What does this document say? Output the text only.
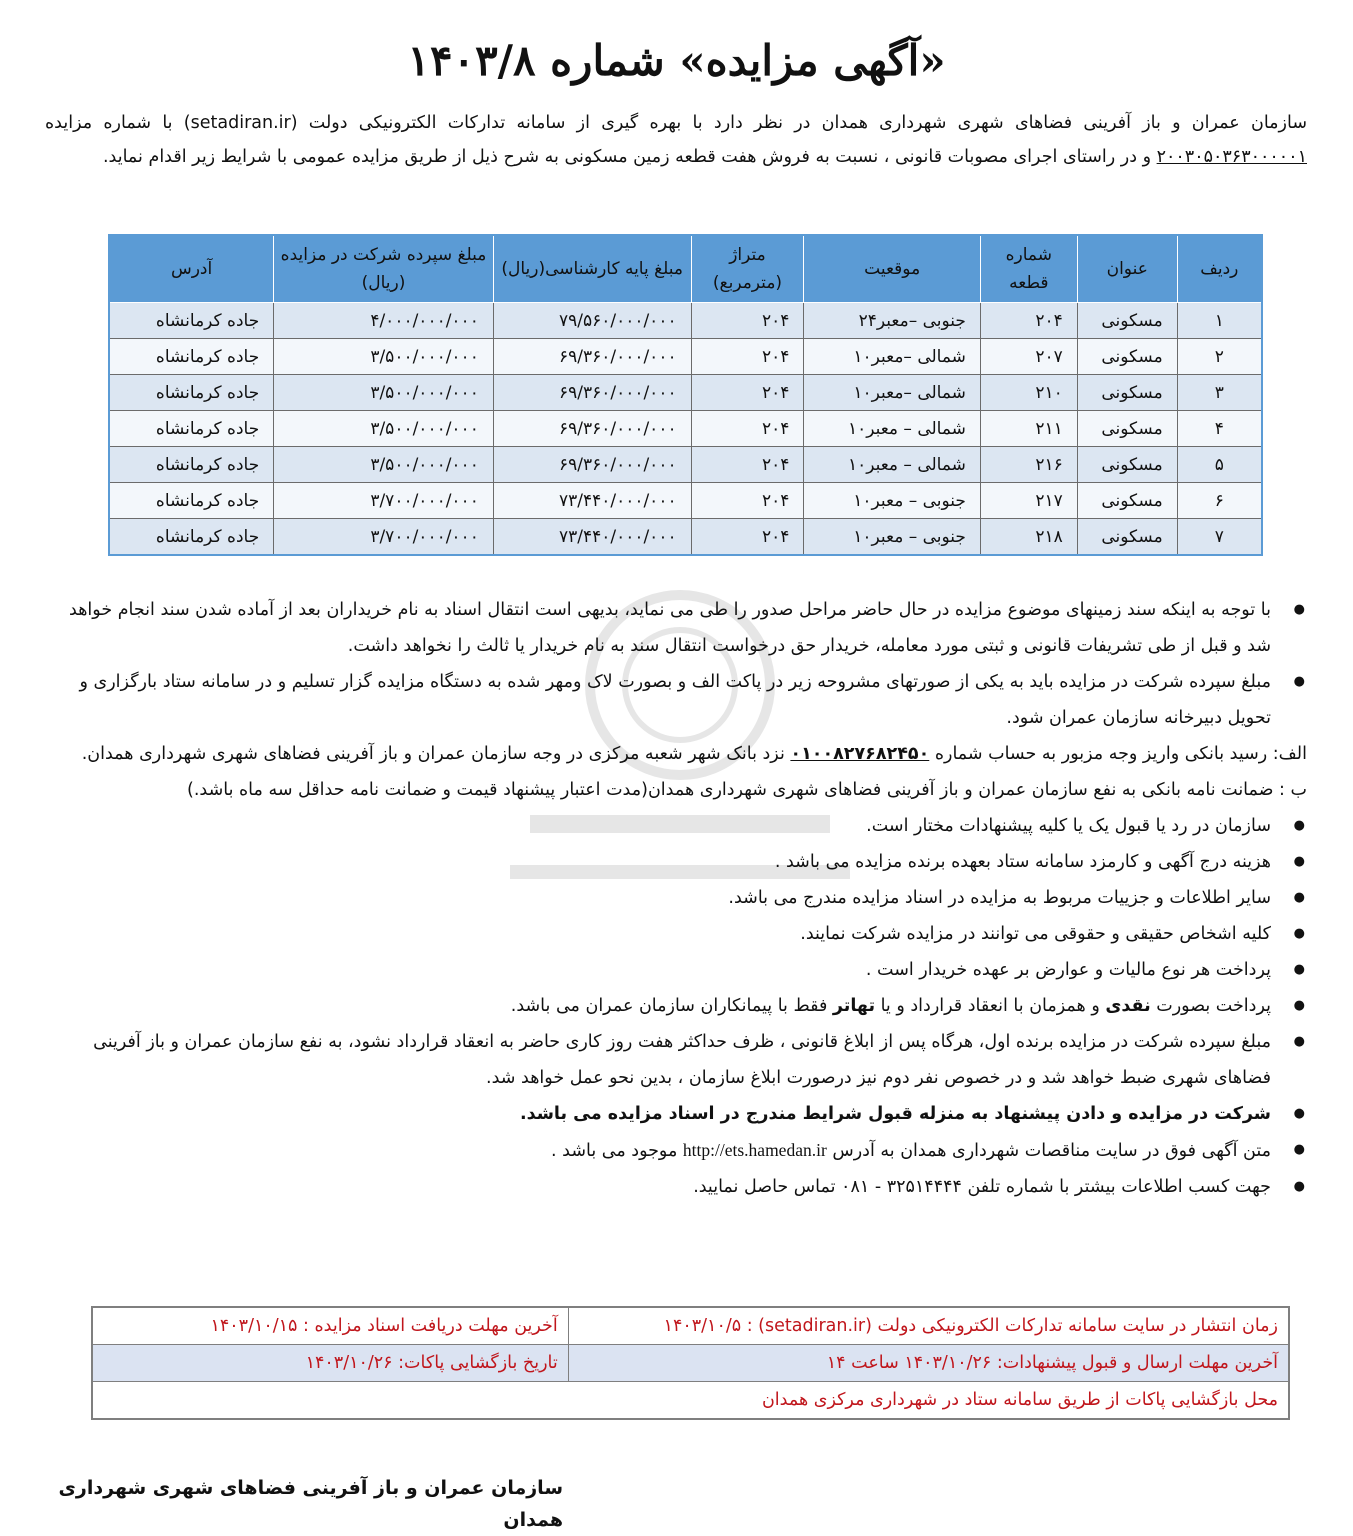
«آگهی مزایده» شماره ۱۴۰۳/۸
سازمان عمران و باز آفرینی فضاهای شهری شهرداری همدان در نظر دارد با بهره گیری از سامانه تدارکات الکترونیکی دولت (setadiran.ir) با شماره مزایده ۲۰۰۳۰۵۰۳۶۳۰۰۰۰۰۱ و در راستای اجرای مصوبات قانونی ، نسبت به فروش هفت قطعه زمین مسکونی به شرح ذیل از طریق مزایده عمومی با شرایط زیر اقدام نماید.
ردیف	عنوان	شماره قطعه	موقعیت	متراژ (مترمربع)	مبلغ پایه کارشناسی(ریال)	مبلغ سپرده شرکت در مزایده (ریال)	آدرس
۱	مسکونی	۲۰۴	جنوبی –معبر۲۴	۲۰۴	۷۹/۵۶۰/۰۰۰/۰۰۰	۴/۰۰۰/۰۰۰/۰۰۰	جاده کرمانشاه
۲	مسکونی	۲۰۷	شمالی –معبر۱۰	۲۰۴	۶۹/۳۶۰/۰۰۰/۰۰۰	۳/۵۰۰/۰۰۰/۰۰۰	جاده کرمانشاه
۳	مسکونی	۲۱۰	شمالی –معبر۱۰	۲۰۴	۶۹/۳۶۰/۰۰۰/۰۰۰	۳/۵۰۰/۰۰۰/۰۰۰	جاده کرمانشاه
۴	مسکونی	۲۱۱	شمالی – معبر۱۰	۲۰۴	۶۹/۳۶۰/۰۰۰/۰۰۰	۳/۵۰۰/۰۰۰/۰۰۰	جاده کرمانشاه
۵	مسکونی	۲۱۶	شمالی – معبر۱۰	۲۰۴	۶۹/۳۶۰/۰۰۰/۰۰۰	۳/۵۰۰/۰۰۰/۰۰۰	جاده کرمانشاه
۶	مسکونی	۲۱۷	جنوبی – معبر۱۰	۲۰۴	۷۳/۴۴۰/۰۰۰/۰۰۰	۳/۷۰۰/۰۰۰/۰۰۰	جاده کرمانشاه
۷	مسکونی	۲۱۸	جنوبی – معبر۱۰	۲۰۴	۷۳/۴۴۰/۰۰۰/۰۰۰	۳/۷۰۰/۰۰۰/۰۰۰	جاده کرمانشاه
● با توجه به اینکه سند زمینهای موضوع مزایده در حال حاضر مراحل صدور را طی می نماید، بدیهی است انتقال اسناد به نام خریداران بعد از آماده شدن سند انجام خواهد شد و قبل از طی تشریفات قانونی و ثبتی مورد معامله، خریدار حق درخواست انتقال سند به نام خریدار یا ثالث را نخواهد داشت.
● مبلغ سپرده شرکت در مزایده باید به یکی از صورتهای مشروحه زیر در پاکت الف و بصورت لاک ومهر شده به دستگاه مزایده گزار تسلیم و در سامانه ستاد بارگزاری و تحویل دبیرخانه سازمان عمران شود.

الف: رسید بانکی واریز وجه مزبور به حساب شماره ۰۱۰۰۸۲۷۶۸۲۴۵۰ نزد بانک شهر شعبه مرکزی در وجه سازمان عمران و باز آفرینی فضاهای شهری شهرداری همدان.

ب : ضمانت نامه بانکی به نفع سازمان عمران و باز آفرینی فضاهای شهری شهرداری همدان(مدت اعتبار پیشنهاد قیمت و ضمانت نامه حداقل سه ماه باشد.)

● سازمان در رد یا قبول یک یا کلیه پیشنهادات مختار است.
● هزینه درج آگهی و کارمزد سامانه ستاد بعهده برنده مزایده می باشد .
● سایر اطلاعات و جزییات مربوط به مزایده در اسناد مزایده مندرج می باشد.
● کلیه اشخاص حقیقی و حقوقی می توانند در مزایده شرکت نمایند.
● پرداخت هر نوع مالیات و عوارض بر عهده خریدار است .
● پرداخت بصورت نقدی و همزمان با انعقاد قرارداد و یا تهاتر فقط با پیمانکاران سازمان عمران می باشد.
● مبلغ سپرده شرکت در مزایده برنده اول، هرگاه پس از ابلاغ قانونی ، ظرف حداکثر هفت روز کاری حاضر به انعقاد قرارداد نشود، به نفع سازمان عمران و باز آفرینی فضاهای شهری ضبط خواهد شد و در خصوص نفر دوم نیز درصورت ابلاغ سازمان ، بدین نحو عمل خواهد شد.
● شرکت در مزایده و دادن پیشنهاد به منزله قبول شرایط مندرج در اسناد مزایده می باشد.
● متن آگهی فوق در سایت مناقصات شهرداری همدان به آدرس http://ets.hamedan.ir موجود می باشد .
● جهت کسب اطلاعات بیشتر با شماره تلفن ۳۲۵۱۴۴۴۴ - ۰۸۱ تماس حاصل نمایید.
زمان انتشار در سایت سامانه تدارکات الکترونیکی دولت (setadiran.ir) : ۱۴۰۳/۱۰/۵	آخرین مهلت دریافت اسناد مزایده : ۱۴۰۳/۱۰/۱۵
آخرین مهلت ارسال و قبول پیشنهادات: ۱۴۰۳/۱۰/۲۶ ساعت ۱۴	تاریخ بازگشایی پاکات: ۱۴۰۳/۱۰/۲۶
محل بازگشایی پاکات از طریق سامانه ستاد در شهرداری مرکزی همدان	
سازمان عمران و باز آفرینی فضاهای شهری شهرداری همدان
